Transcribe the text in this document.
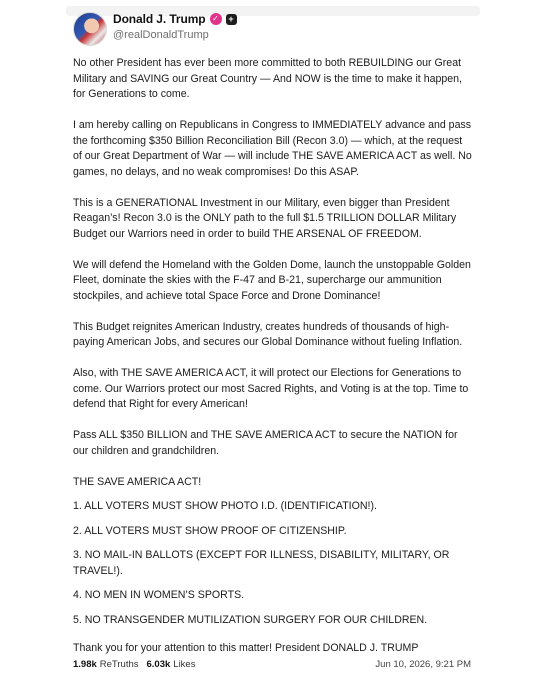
Donald J. Trump ✓	+
@realDonaldTrump

No other President has ever been more committed to both REBUILDING our Great Military and SAVING our Great Country — And NOW is the time to make it happen, for Generations to come.

I am hereby calling on Republicans in Congress to IMMEDIATELY advance and pass the forthcoming $350 Billion Reconciliation Bill (Recon 3.0) — which, at the request of our Great Department of War — will include THE SAVE AMERICA ACT as well. No games, no delays, and no weak compromises! Do this ASAP.

This is a GENERATIONAL Investment in our Military, even bigger than President Reagan’s! Recon 3.0 is the ONLY path to the full $1.5 TRILLION DOLLAR Military Budget our Warriors need in order to build THE ARSENAL OF FREEDOM.

We will defend the Homeland with the Golden Dome, launch the unstoppable Golden Fleet, dominate the skies with the F-47 and B-21, supercharge our ammunition stockpiles, and achieve total Space Force and Drone Dominance!

This Budget reignites American Industry, creates hundreds of thousands of high-paying American Jobs, and secures our Global Dominance without fueling Inflation.

Also, with THE SAVE AMERICA ACT, it will protect our Elections for Generations to come. Our Warriors protect our most Sacred Rights, and Voting is at the top. Time to defend that Right for every American!

Pass ALL $350 BILLION and THE SAVE AMERICA ACT to secure the NATION for our children and grandchildren.

THE SAVE AMERICA ACT!

1. ALL VOTERS MUST SHOW PHOTO I.D. (IDENTIFICATION!).

2. ALL VOTERS MUST SHOW PROOF OF CITIZENSHIP.

3. NO MAIL-IN BALLOTS (EXCEPT FOR ILLNESS, DISABILITY, MILITARY, OR TRAVEL!).

4. NO MEN IN WOMEN’S SPORTS.

5. NO TRANSGENDER MUTILIZATION SURGERY FOR OUR CHILDREN.

Thank you for your attention to this matter! President DONALD J. TRUMP

1.98k ReTruths 6.03k Likes	Jun 10, 2026, 9:21 PM
